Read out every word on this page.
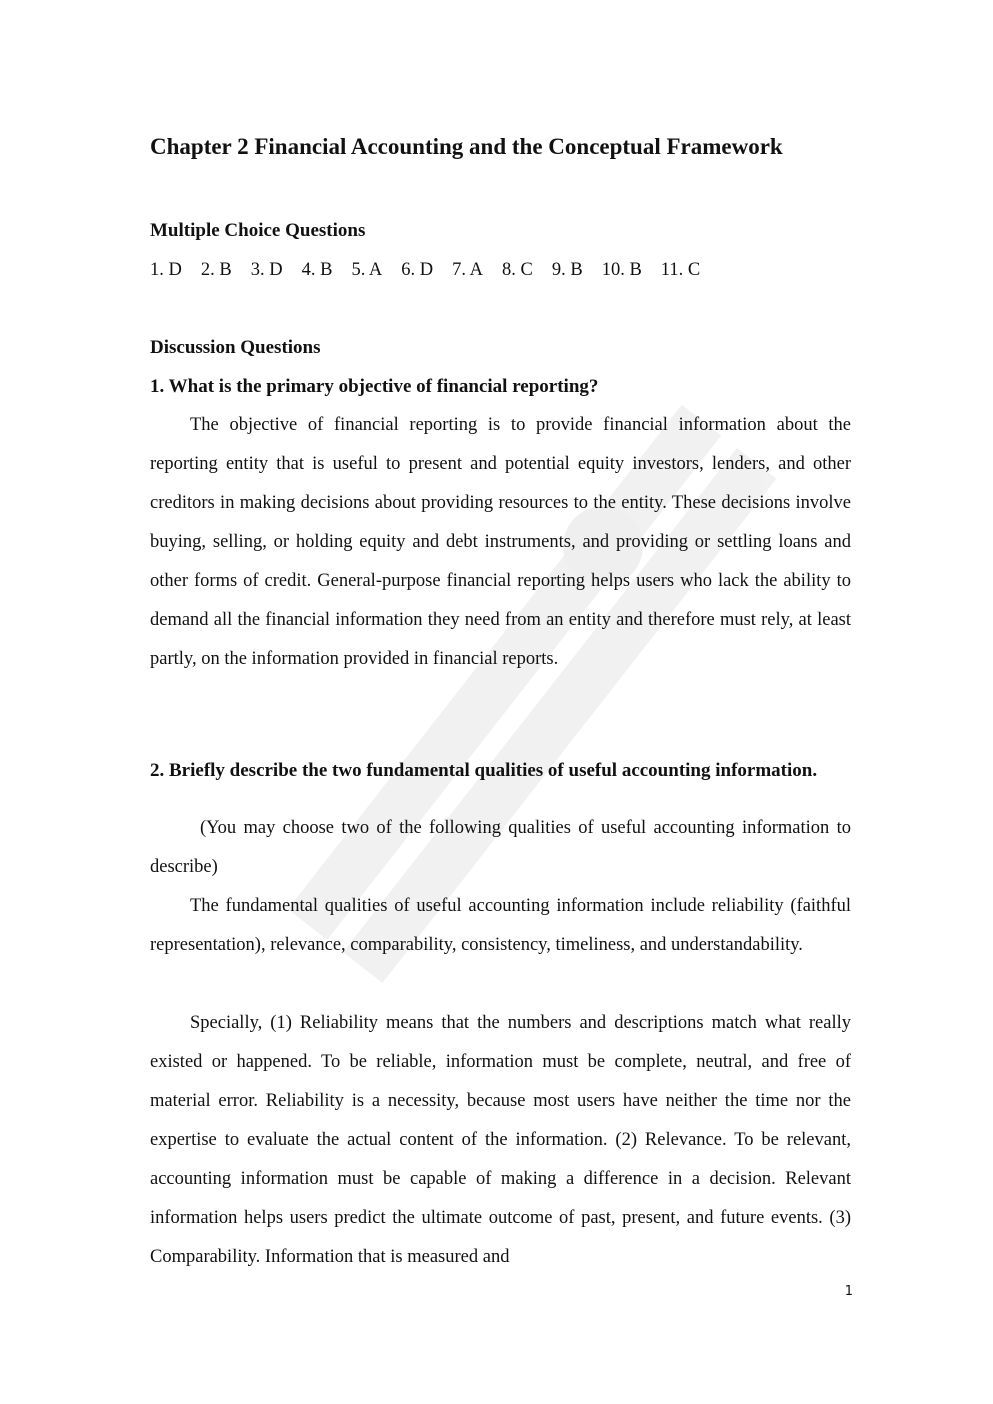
Chapter 2 Financial Accounting and the Conceptual Framework
Multiple Choice Questions
1. D 2. B 3. D 4. B 5. A 6. D 7. A 8. C 9. B 10. B 11. C
Discussion Questions
1. What is the primary objective of financial reporting?

The objective of financial reporting is to provide financial information about the reporting entity that is useful to present and potential equity investors, lenders, and other creditors in making decisions about providing resources to the entity. These decisions involve buying, selling, or holding equity and debt instruments, and providing or settling loans and other forms of credit. General-purpose financial reporting helps users who lack the ability to demand all the financial information they need from an entity and therefore must rely, at least partly, on the information provided in financial reports.

2. Briefly describe the two fundamental qualities of useful accounting information.

(You may choose two of the following qualities of useful accounting information to describe)

The fundamental qualities of useful accounting information include reliability (faithful representation), relevance, comparability, consistency, timeliness, and understandability.

Specially, (1) Reliability means that the numbers and descriptions match what really existed or happened. To be reliable, information must be complete, neutral, and free of material error. Reliability is a necessity, because most users have neither the time nor the expertise to evaluate the actual content of the information. (2) Relevance. To be relevant, accounting information must be capable of making a difference in a decision. Relevant information helps users predict the ultimate outcome of past, present, and future events. (3) Comparability. Information that is measured and

1
